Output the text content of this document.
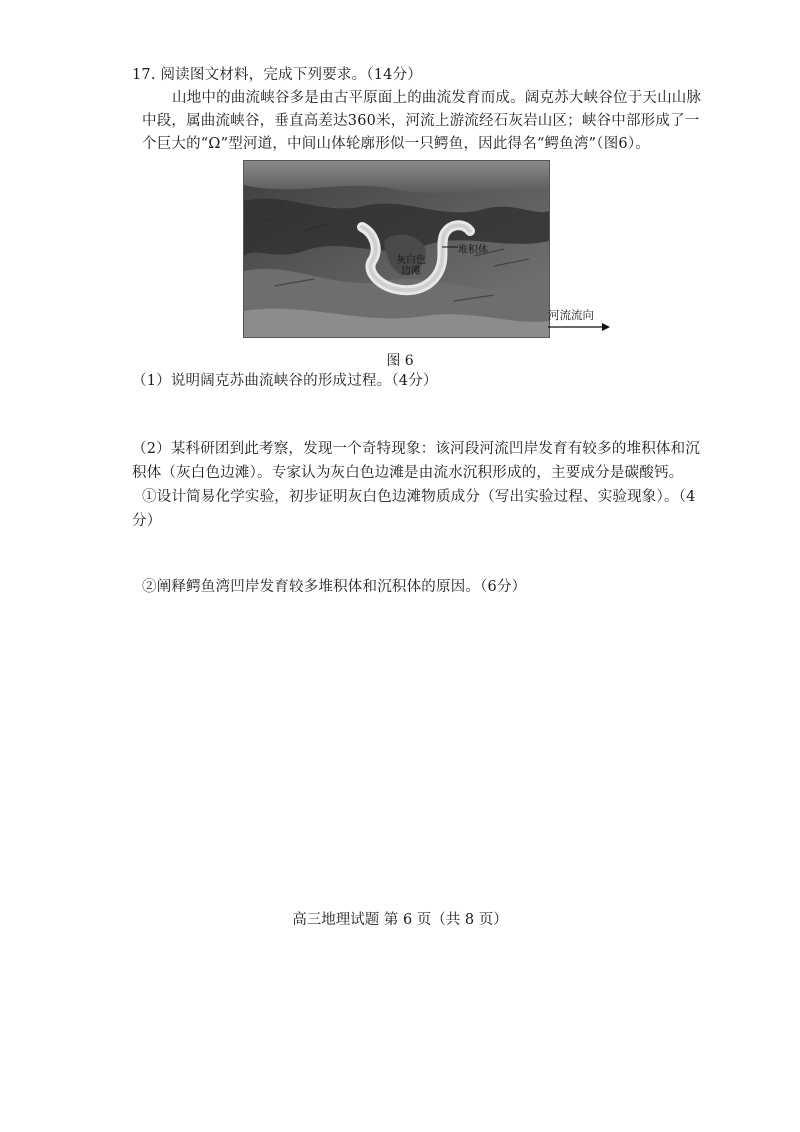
17. 阅读图文材料，完成下列要求。（14分）
山地中的曲流峡谷多是由古平原面上的曲流发育而成。阔克苏大峡谷位于天山山脉
中段，属曲流峡谷，垂直高差达360米，河流上游流经石灰岩山区；峡谷中部形成了一
个巨大的“Ω”型河道，中间山体轮廓形似一只鳄鱼，因此得名“鳄鱼湾”（图6）。
堆积体
灰白色
边滩
河流流向
图 6
（1）说明阔克苏曲流峡谷的形成过程。（4分）
（2）某科研团到此考察，发现一个奇特现象：该河段河流凹岸发育有较多的堆积体和沉
积体（灰白色边滩）。专家认为灰白色边滩是由流水沉积形成的，主要成分是碳酸钙。
①设计简易化学实验，初步证明灰白色边滩物质成分（写出实验过程、实验现象）。（4
分）
②阐释鳄鱼湾凹岸发育较多堆积体和沉积体的原因。（6分）
高三地理试题 第 6 页（共 8 页）
